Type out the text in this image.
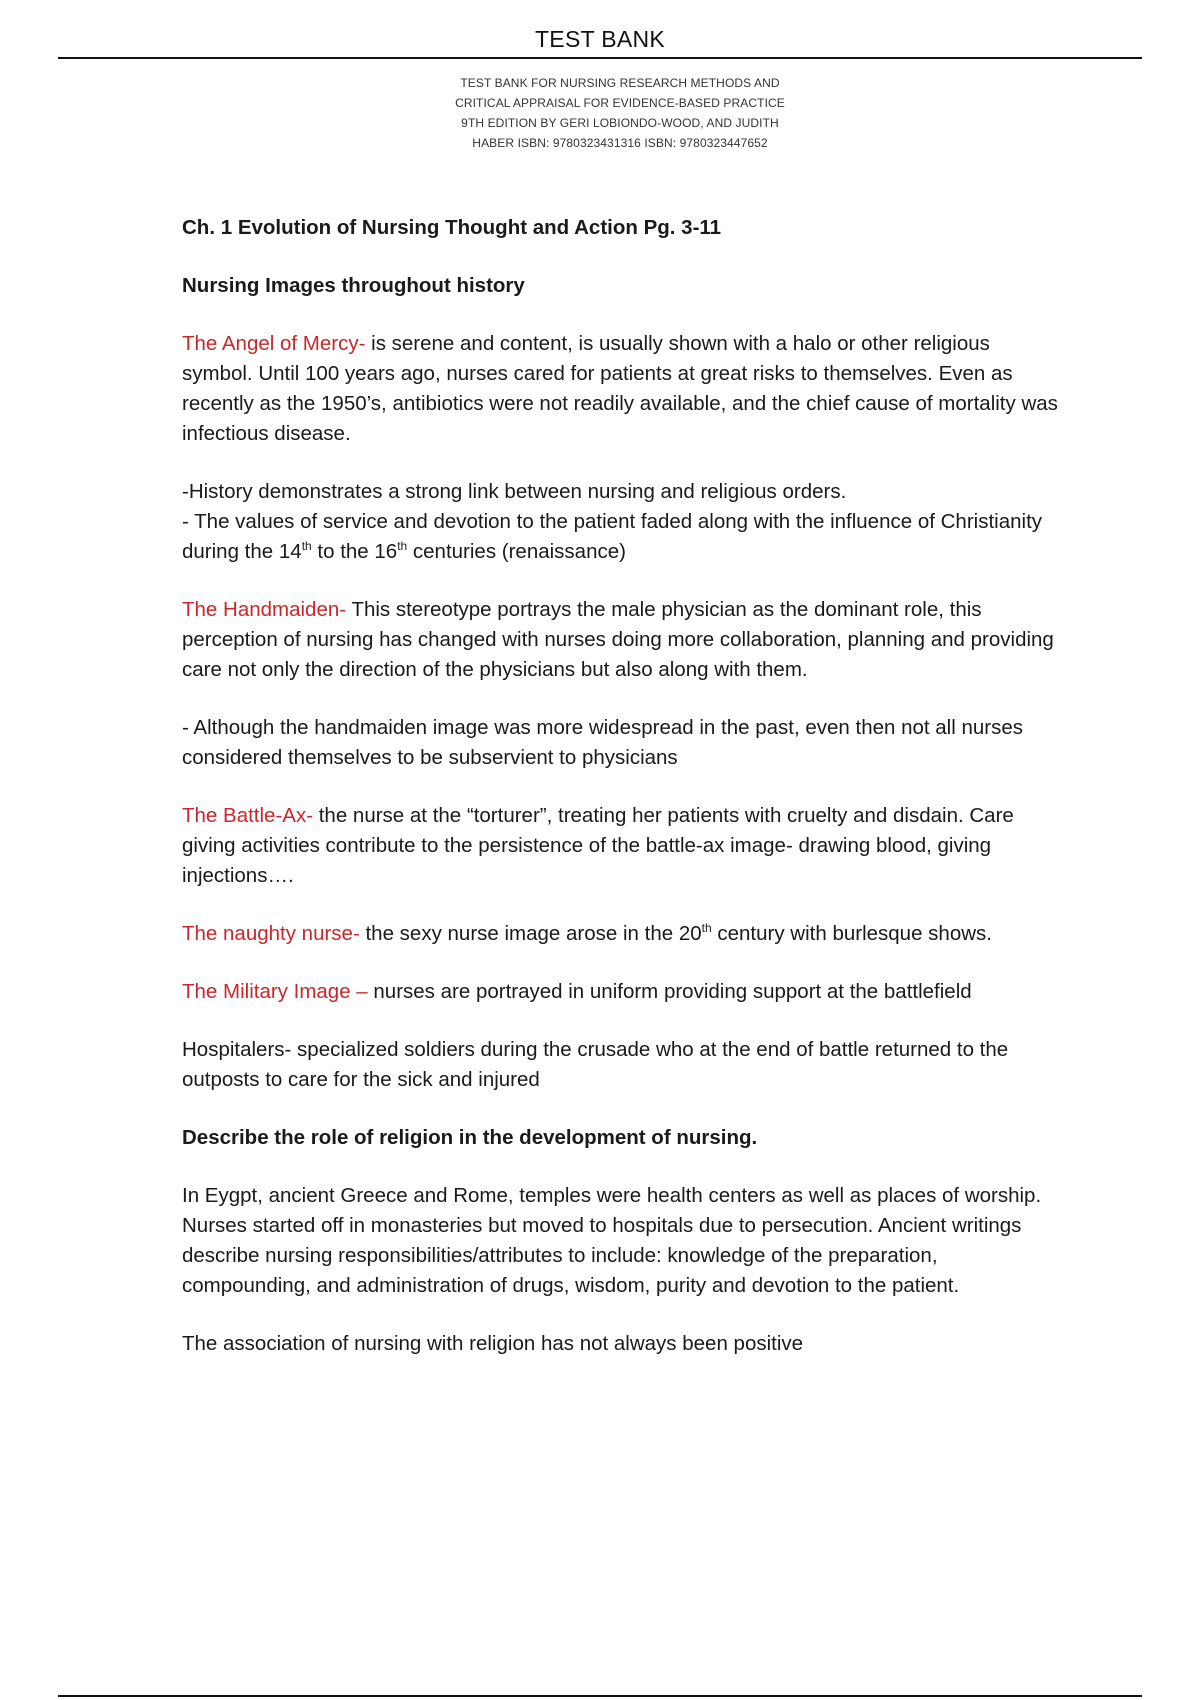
TEST BANK
TEST BANK FOR NURSING RESEARCH METHODS AND CRITICAL APPRAISAL FOR EVIDENCE-BASED PRACTICE 9TH EDITION BY GERI LOBIONDO-WOOD, AND JUDITH HABER ISBN: 9780323431316 ISBN: 9780323447652

Ch. 1 Evolution of Nursing Thought and Action Pg. 3-11

Nursing Images throughout history

The Angel of Mercy- is serene and content, is usually shown with a halo or other religious symbol. Until 100 years ago, nurses cared for patients at great risks to themselves. Even as recently as the 1950’s, antibiotics were not readily available, and the chief cause of mortality was infectious disease.

-History demonstrates a strong link between nursing and religious orders.

- The values of service and devotion to the patient faded along with the influence of Christianity during the 14th to the 16th centuries (renaissance)

The Handmaiden- This stereotype portrays the male physician as the dominant role, this perception of nursing has changed with nurses doing more collaboration, planning and providing care not only the direction of the physicians but also along with them.

- Although the handmaiden image was more widespread in the past, even then not all nurses considered themselves to be subservient to physicians

The Battle-Ax- the nurse at the “torturer”, treating her patients with cruelty and disdain. Care giving activities contribute to the persistence of the battle-ax image- drawing blood, giving injections….

The naughty nurse- the sexy nurse image arose in the 20th century with burlesque shows.

The Military Image – nurses are portrayed in uniform providing support at the battlefield

Hospitalers- specialized soldiers during the crusade who at the end of battle returned to the outposts to care for the sick and injured

Describe the role of religion in the development of nursing.

In Eygpt, ancient Greece and Rome, temples were health centers as well as places of worship. Nurses started off in monasteries but moved to hospitals due to persecution. Ancient writings describe nursing responsibilities/attributes to include: knowledge of the preparation, compounding, and administration of drugs, wisdom, purity and devotion to the patient.

The association of nursing with religion has not always been positive
